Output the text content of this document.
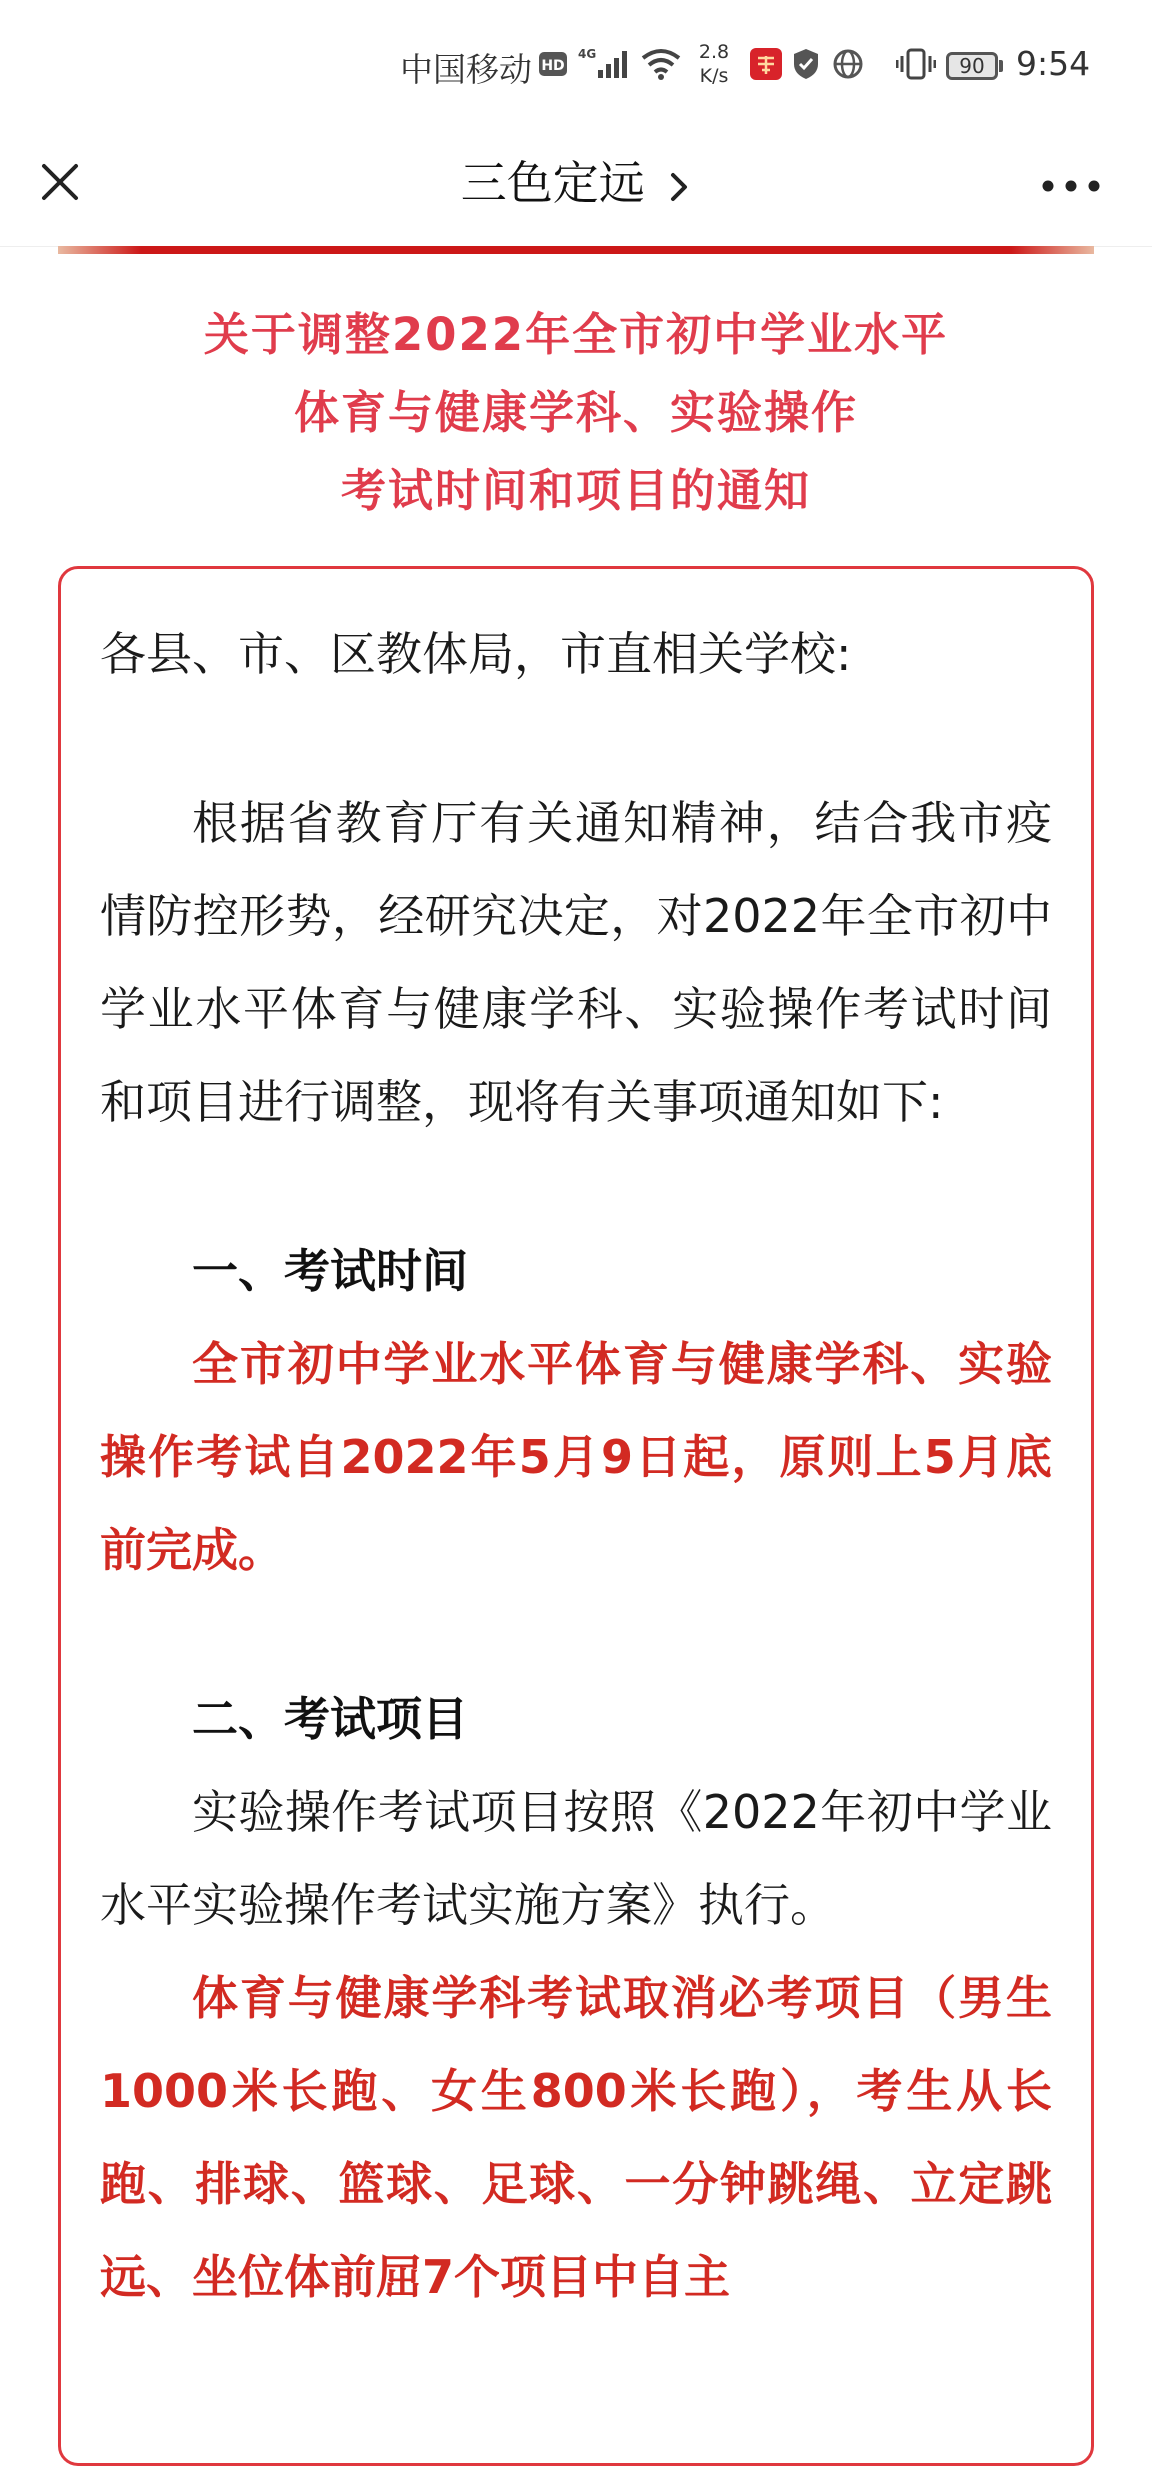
中国移动 HD
4G	2.8
K/s	90 9:54
三色定远
关于调整2022年全市初中学业水平
体育与健康学科、实验操作
考试时间和项目的通知

各县、市、区教体局，市直相关学校:

根据省教育厅有关通知精神，结合我市疫情防控形势，经研究决定，对2022年全市初中学业水平体育与健康学科、实验操作考试时间和项目进行调整，现将有关事项通知如下:

一、考试时间

全市初中学业水平体育与健康学科、实验操作考试自2022年5月9日起，原则上5月底前完成。

二、考试项目

实验操作考试项目按照《2022年初中学业水平实验操作考试实施方案》执行。

体育与健康学科考试取消必考项目（男生1000米长跑、女生800米长跑），考生从长跑、排球、篮球、足球、一分钟跳绳、立定跳远、坐位体前屈7个项目中自主
